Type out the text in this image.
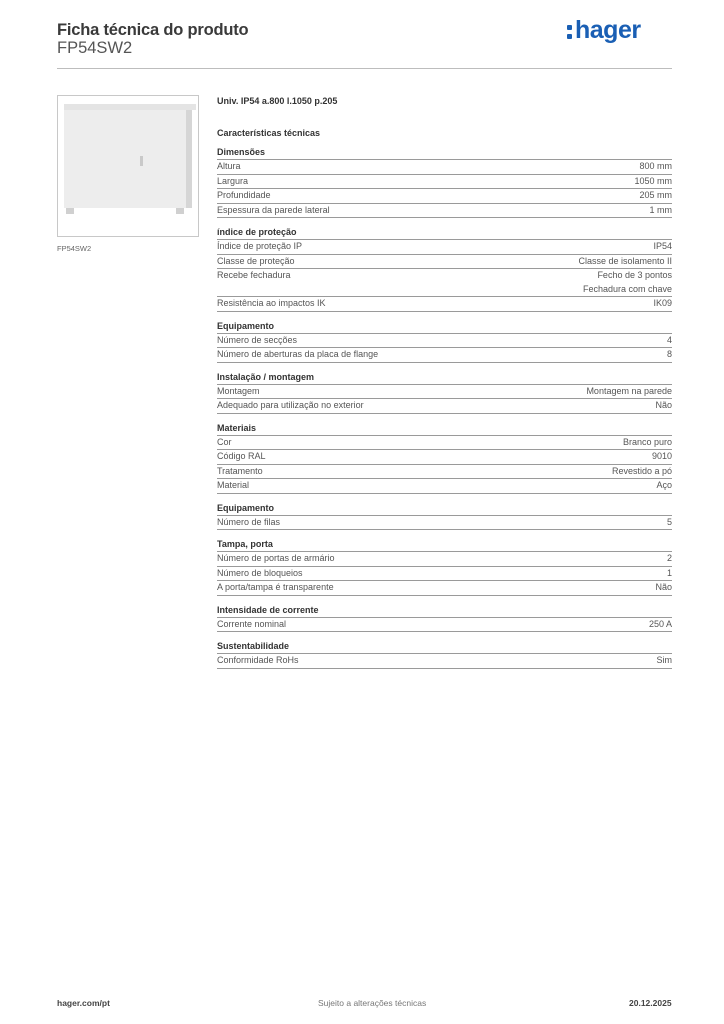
Ficha técnica do produto
FP54SW2
hager
FP54SW2
Univ. IP54 a.800 l.1050 p.205
Características técnicas
Dimensões
Altura	800 mm
Largura	1050 mm
Profundidade	205 mm
Espessura da parede lateral	1 mm
índice de proteção
Índice de proteção IP	IP54
Classe de proteção	Classe de isolamento II
Recebe fechadura	Fecho de 3 pontos
Fechadura com chave
Resistência ao impactos IK	IK09
Equipamento
Número de secções	4
Número de aberturas da placa de flange	8
Instalação / montagem
Montagem	Montagem na parede
Adequado para utilização no exterior	Não
Materiais
Cor	Branco puro
Código RAL	9010
Tratamento	Revestido a pó
Material	Aço
Equipamento
Número de filas	5
Tampa, porta
Número de portas de armário	2
Número de bloqueios	1
A porta/tampa é transparente	Não
Intensidade de corrente
Corrente nominal	250 A
Sustentabilidade
Conformidade RoHs	Sim
hager.com/pt	Sujeito a alterações técnicas	20.12.2025
